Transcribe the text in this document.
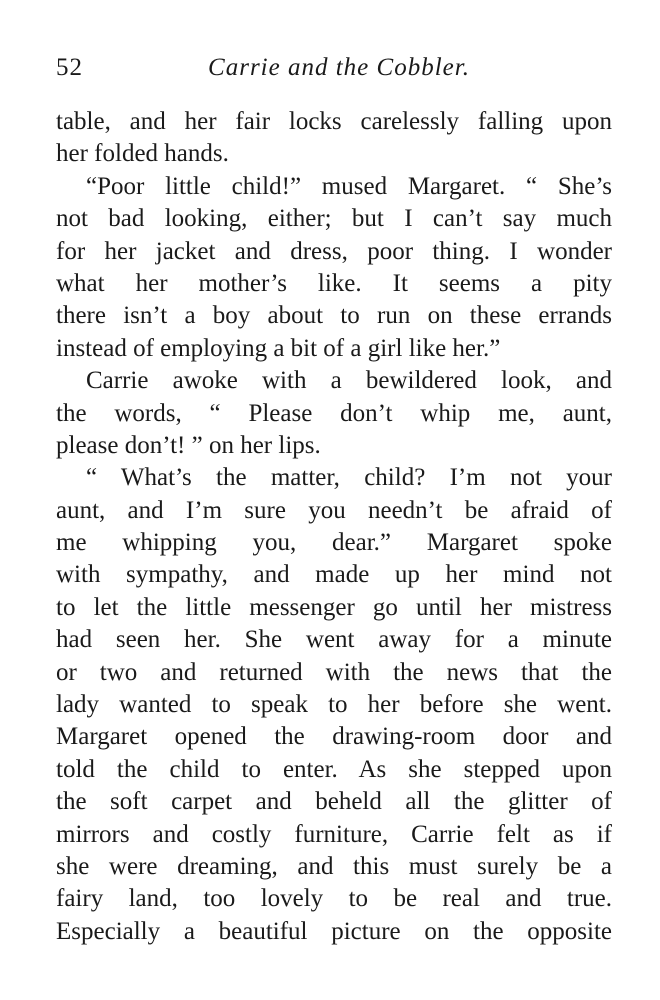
52	Carrie and the Cobbler.
table, and her fair locks carelessly falling upon
her folded hands.
“Poor little child!” mused Margaret. “ She’s
not bad looking, either; but I can’t say much
for her jacket and dress, poor thing. I wonder
what her mother’s like. It seems a pity
there isn’t a boy about to run on these errands
instead of employing a bit of a girl like her.”
Carrie awoke with a bewildered look, and
the words, “ Please don’t whip me, aunt,
please don’t! ” on her lips.
“ What’s the matter, child? I’m not your
aunt, and I’m sure you needn’t be afraid of
me whipping you, dear.” Margaret spoke
with sympathy, and made up her mind not
to let the little messenger go until her mistress
had seen her. She went away for a minute
or two and returned with the news that the
lady wanted to speak to her before she went.
Margaret opened the drawing-room door and
told the child to enter. As she stepped upon
the soft carpet and beheld all the glitter of
mirrors and costly furniture, Carrie felt as if
she were dreaming, and this must surely be a
fairy land, too lovely to be real and true.
Especially a beautiful picture on the opposite
